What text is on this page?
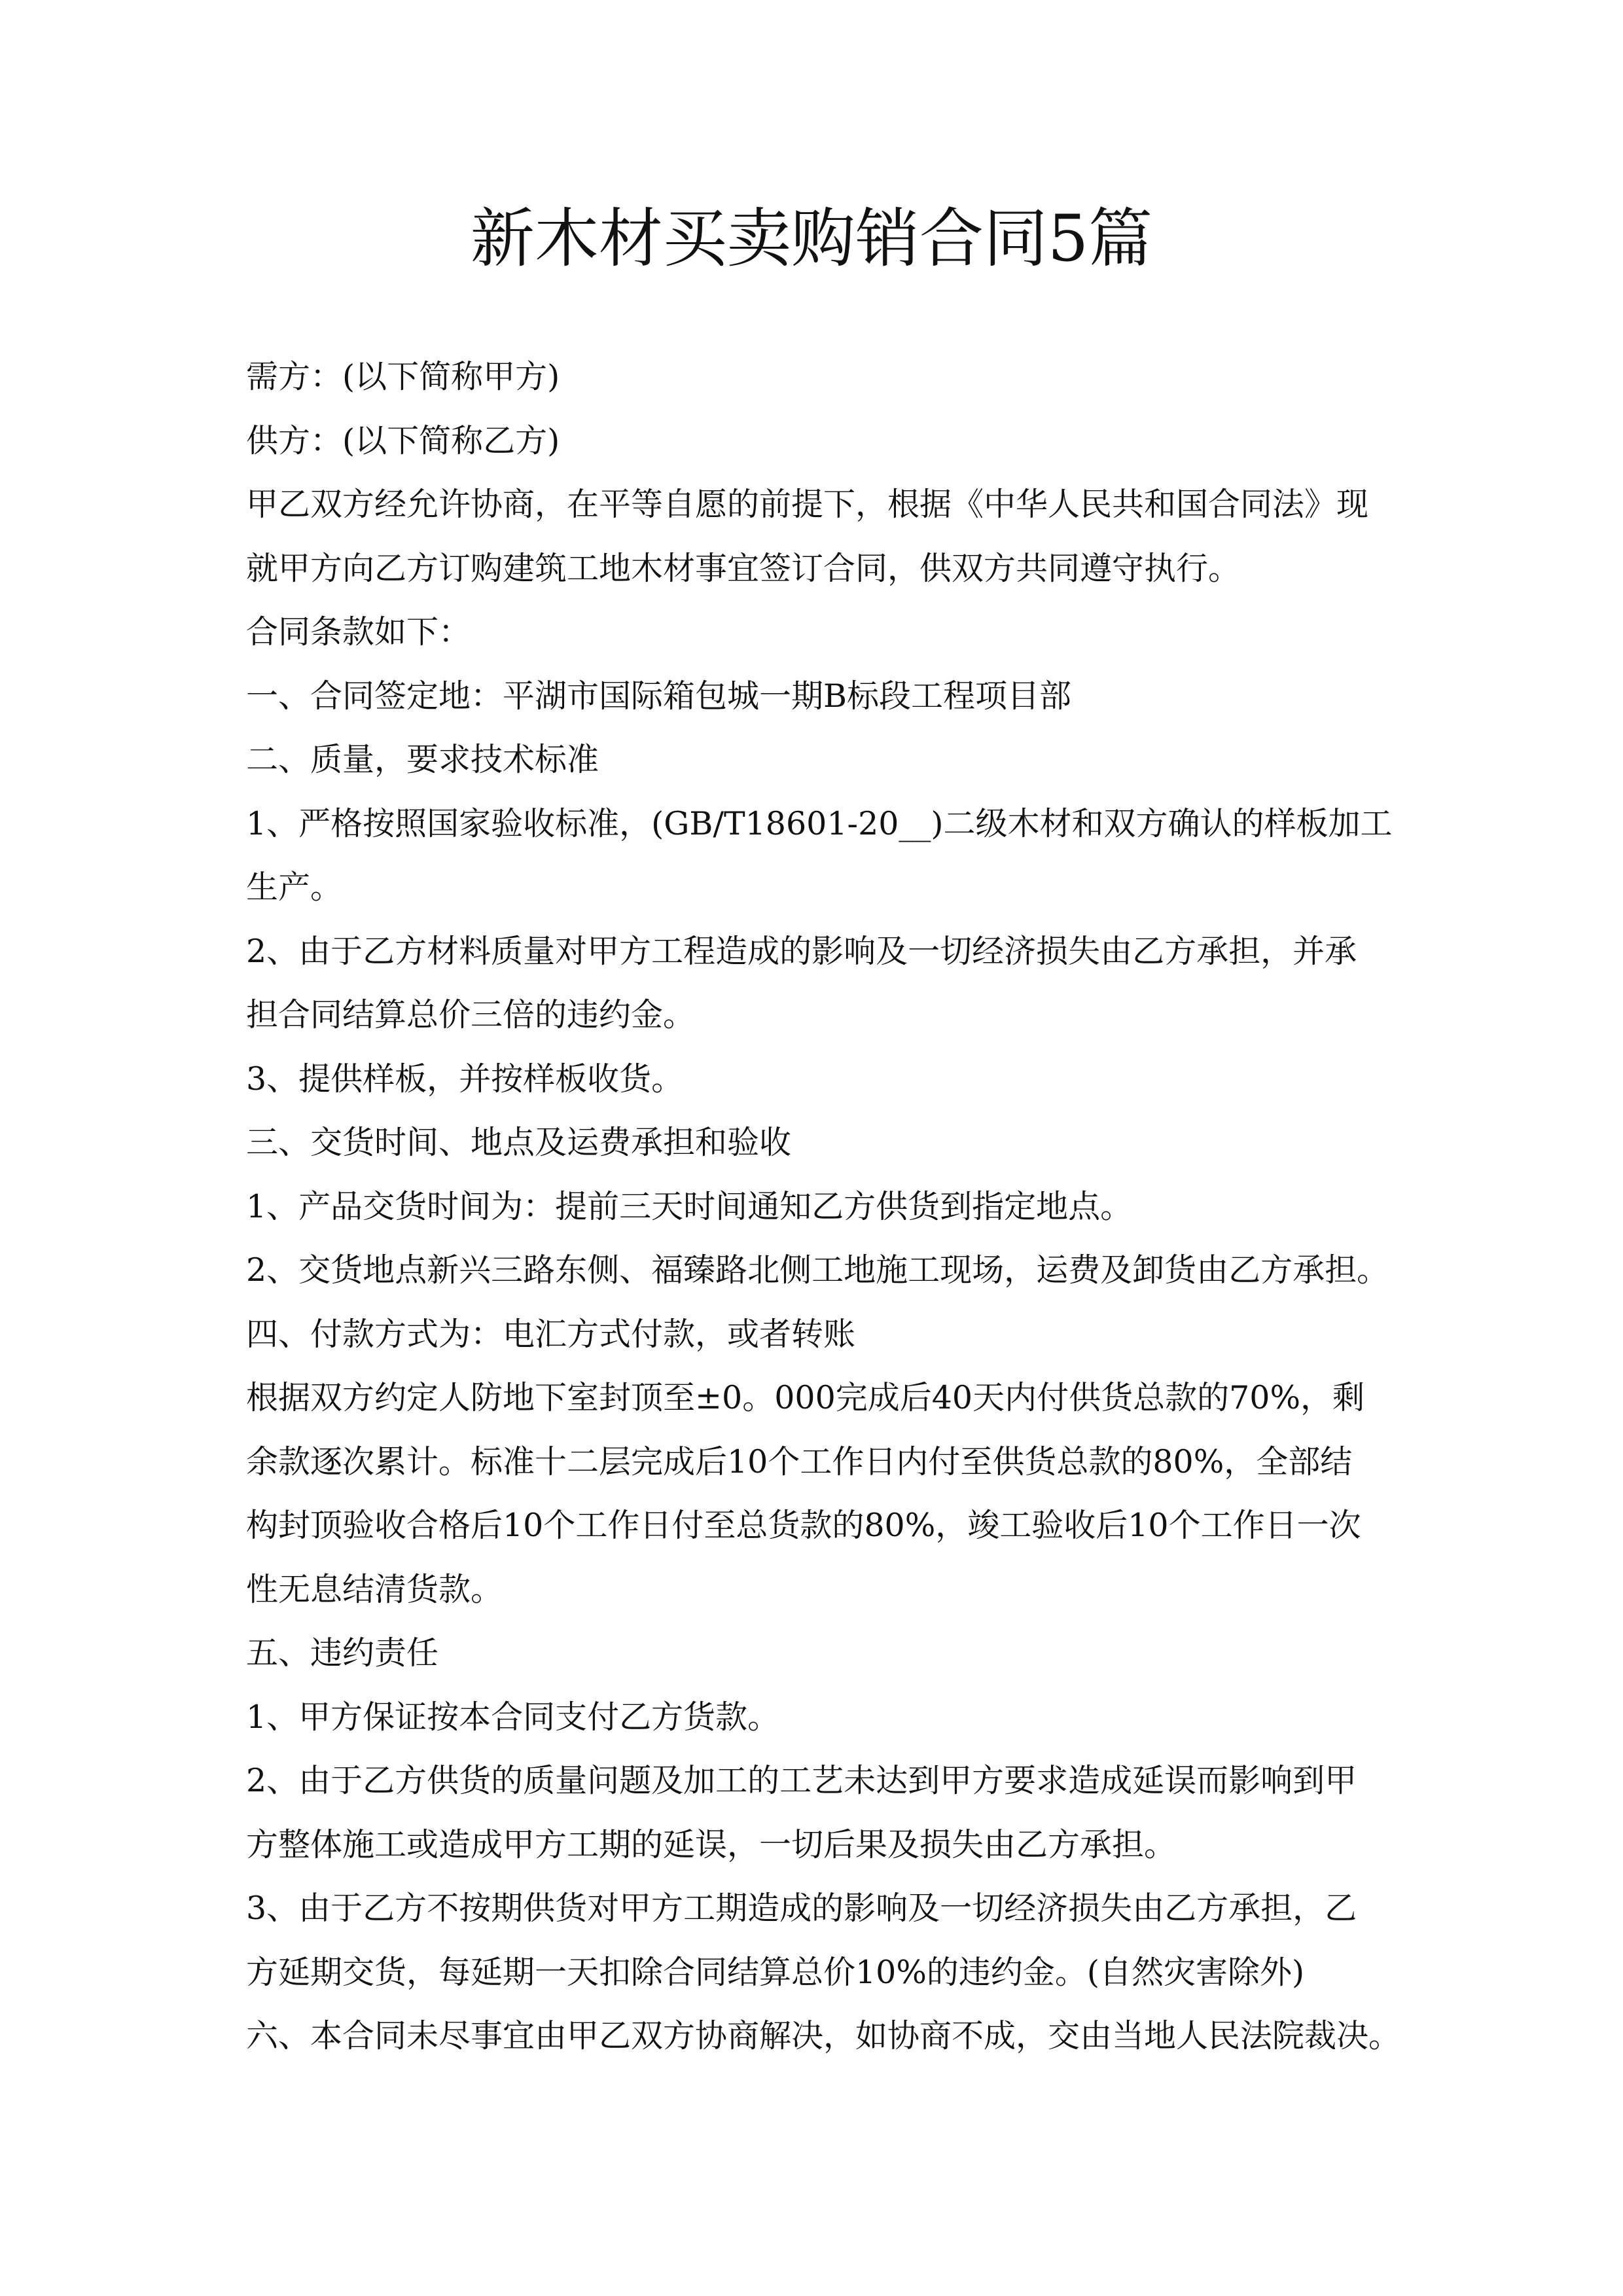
新木材买卖购销合同5篇
需方：(以下简称甲方)
供方：(以下简称乙方)
甲乙双方经允许协商，在平等自愿的前提下，根据《中华人民共和国合同法》现
就甲方向乙方订购建筑工地木材事宜签订合同，供双方共同遵守执行。
合同条款如下：
一、合同签定地：平湖市国际箱包城一期B标段工程项目部
二、质量，要求技术标准
1、严格按照国家验收标准，(GB/T18601-20__)二级木材和双方确认的样板加工
生产。
2、由于乙方材料质量对甲方工程造成的影响及一切经济损失由乙方承担，并承
担合同结算总价三倍的违约金。
3、提供样板，并按样板收货。
三、交货时间、地点及运费承担和验收
1、产品交货时间为：提前三天时间通知乙方供货到指定地点。
2、交货地点新兴三路东侧、福臻路北侧工地施工现场，运费及卸货由乙方承担。
四、付款方式为：电汇方式付款，或者转账
根据双方约定人防地下室封顶至±0。000完成后40天内付供货总款的70%，剩
余款逐次累计。标准十二层完成后10个工作日内付至供货总款的80%，全部结
构封顶验收合格后10个工作日付至总货款的80%，竣工验收后10个工作日一次
性无息结清货款。
五、违约责任
1、甲方保证按本合同支付乙方货款。
2、由于乙方供货的质量问题及加工的工艺未达到甲方要求造成延误而影响到甲
方整体施工或造成甲方工期的延误，一切后果及损失由乙方承担。
3、由于乙方不按期供货对甲方工期造成的影响及一切经济损失由乙方承担，乙
方延期交货，每延期一天扣除合同结算总价10%的违约金。(自然灾害除外)
六、本合同未尽事宜由甲乙双方协商解决，如协商不成，交由当地人民法院裁决。
